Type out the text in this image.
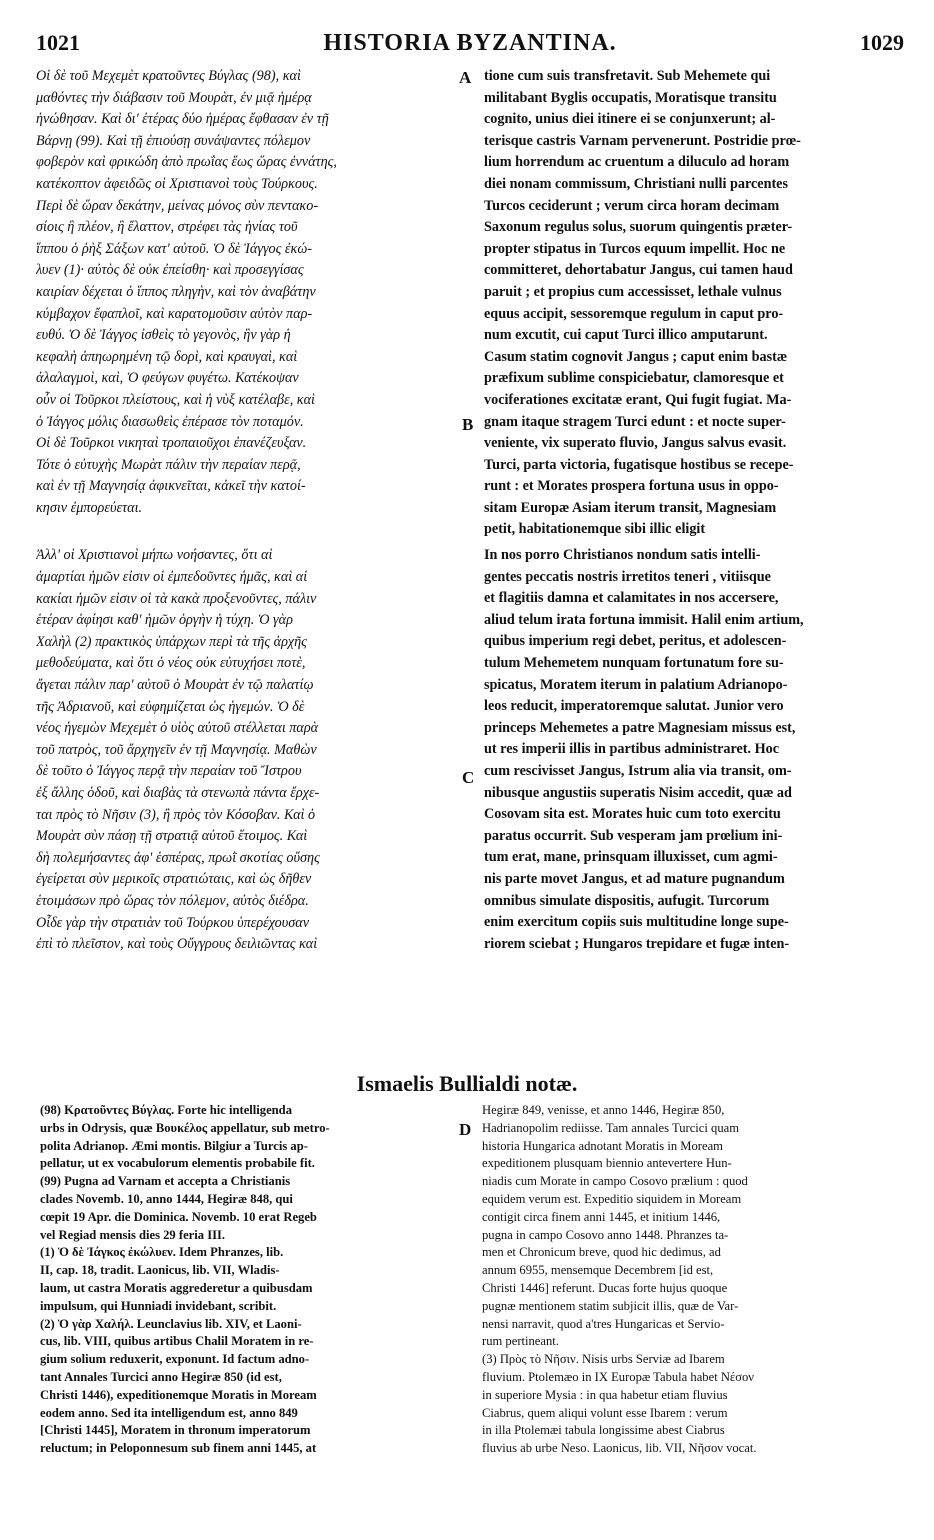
1021	HISTORIA BYZANTINA.	1029
Οἱ δὲ τοῦ Μεχεμὲτ κρατοῦντες Βύγλας (98), καὶ
μαθόντες τὴν διάβασιν τοῦ Μουρὰτ, ἐν μιᾷ ἡμέρᾳ
ἡνώθησαν. Καὶ δι' ἑτέρας δύο ἡμέρας ἔφθασαν ἐν τῇ
Βάρνῃ (99). Καὶ τῇ ἐπιούσῃ συνάψαντες πόλεμον
φοβερὸν καὶ φρικώδη ἀπὸ πρωΐας ἕως ὥρας ἐννάτης,
κατέκοπτον ἀφειδῶς οἱ Χριστιανοὶ τοὺς Τούρκους.
Περὶ δὲ ὥραν δεκάτην, μείνας μόνος σὺν πεντακο-
σίοις ἢ πλέον, ἢ ἔλαττον, στρέφει τὰς ἡνίας τοῦ
ἵππου ὁ ῥὴξ Σάξων κατ' αὐτοῦ. Ὁ δὲ Ἰάγγος ἐκώ-
λυεν (1)· αὐτὸς δὲ οὐκ ἐπείσθη· καὶ προσεγγίσας
καιρίαν δέχεται ὁ ἵππος πληγὴν, καὶ τὸν ἀναβάτην
κύμβαχον ἔφαπλοῖ, καὶ καρατομοῦσιν αὐτὸν παρ-
ευθύ. Ὁ δὲ Ἰάγγος ἰσθεὶς τὸ γεγονὸς, ἣν γὰρ ἡ
κεφαλὴ ἀπηωρημένη τῷ δορὶ, καὶ κραυγαὶ, καὶ
ἀλαλαγμοὶ, καὶ, Ὁ φεύγων φυγέτω. Κατέκοψαν
οὖν οἱ Τοῦρκοι πλείστους, καὶ ἡ νὺξ κατέλαβε, καὶ
ὁ Ἰάγγος μόλις διασωθεὶς ἐπέρασε τὸν ποταμόν.
Οἱ δὲ Τοῦρκοι νικηταὶ τροπαιοῦχοι ἐπανέζευξαν.
Τότε ὁ εὐτυχὴς Μωρὰτ πάλιν τὴν περαίαν περᾷ,
καὶ ἐν τῇ Μαγνησίᾳ ἀφικνεῖται, κἀκεῖ τὴν κατοί-
κησιν ἐμπορεύεται.
Ἀλλ' οἱ Χριστιανοὶ μήπω νοήσαντες, ὅτι αἱ
ἁμαρτίαι ἡμῶν εἰσιν οἱ ἐμπεδοῦντες ἡμᾶς, καὶ αἱ
κακίαι ἡμῶν εἰσιν οἱ τὰ κακὰ προξενοῦντες, πάλιν
ἑτέραν ἀφίησι καθ' ἡμῶν ὀργὴν ἡ τύχη. Ὁ γὰρ
Χαλὴλ (2) πρακτικὸς ὑπάρχων περὶ τὰ τῆς ἀρχῆς
μεθοδεύματα, καὶ ὅτι ὁ νέος οὐκ εὐτυχήσει ποτὲ,
ἄγεται πάλιν παρ' αὐτοῦ ὁ Μουρὰτ ἐν τῷ παλατίῳ
τῆς Ἀδριανοῦ, καὶ εὐφημίζεται ὡς ἡγεμών. Ὁ δὲ
νέος ἡγεμὼν Μεχεμὲτ ὁ υἱὸς αὐτοῦ στέλλεται παρὰ
τοῦ πατρὸς, τοῦ ἄρχηγεῖν ἐν τῇ Μαγνησίᾳ. Μαθὼν
δὲ τοῦτο ὁ Ἰάγγος περᾷ τὴν περαίαν τοῦ Ἴστρου
ἐξ ἄλλης ὁδοῦ, καὶ διαβὰς τὰ στενωπὰ πάντα ἔρχε-
ται πρὸς τὸ Νῆσιν (3), ἢ πρὸς τὸν Κόσοβαν. Καὶ ὁ
Μουρὰτ σὺν πάσῃ τῇ στρατιᾷ αὐτοῦ ἕτοιμος. Καὶ
δὴ πολεμήσαντες ἀφ' ἑσπέρας, πρωῒ σκοτίας οὔσης
ἐγείρεται σὺν μερικοῖς στρατιώταις, καὶ ὡς δῆθεν
ἑτοιμάσων πρὸ ὥρας τὸν πόλεμον, αὐτὸς διέδρα.
Οἶδε γὰρ τὴν στρατιὰν τοῦ Τούρκου ὑπερέχουσαν
ἐπὶ τὸ πλεῖστον, καὶ τοὺς Οὔγγρους δειλιῶντας καὶ
tione cum suis transfretavit. Sub Mehemete qui
militabant Byglis occupatis, Moratisque transitu
cognito, unius diei itinere ei se conjunxerunt; al-
terisque castris Varnam pervenerunt. Postridie prœ-
lium horrendum ac cruentum a diluculo ad horam
diei nonam commissum, Christiani nulli parcentes
Turcos ceciderunt ; verum circa horam decimam
Saxonum regulus solus, suorum quingentis præter-
propter stipatus in Turcos equum impellit. Hoc ne
committeret, dehortabatur Jangus, cui tamen haud
paruit ; et propius cum accessisset, lethale vulnus
equus accipit, sessoremque regulum in caput pro-
num excutit, cui caput Turci illico amputarunt.
Casum statim cognovit Jangus ; caput enim bastæ
præfixum sublime conspiciebatur, clamoresque et
vociferationes excitatæ erant, Qui fugit fugiat. Ma-
gnam itaque stragem Turci edunt : et nocte super-
veniente, vix superato fluvio, Jangus salvus evasit.
Turci, parta victoria, fugatisque hostibus se recepe-
runt : et Morates prospera fortuna usus in oppo-
sitam Europæ Asiam iterum transit, Magnesiam
petit, habitationemque sibi illic eligit
In nos porro Christianos nondum satis intelli-
gentes peccatis nostris irretitos teneri , vitiisque
et flagitiis damna et calamitates in nos accersere,
aliud telum irata fortuna immisit. Halil enim artium,
quibus imperium regi debet, peritus, et adolescen-
tulum Mehemetem nunquam fortunatum fore su-
spicatus, Moratem iterum in palatium Adrianopo-
leos reducit, imperatoremque salutat. Junior vero
princeps Mehemetes a patre Magnesiam missus est,
ut res imperii illis in partibus administraret. Hoc
cum rescivisset Jangus, Istrum alia via transit, om-
nibusque angustiis superatis Nisim accedit, quæ ad
Cosovam sita est. Morates huic cum toto exercitu
paratus occurrit. Sub vesperam jam prœlium ini-
tum erat, mane, prinsquam illuxisset, cum agmi-
nis parte movet Jangus, et ad mature pugnandum
omnibus simulate dispositis, aufugit. Turcorum
enim exercitum copiis suis multitudine longe supe-
riorem sciebat ; Hungaros trepidare et fugæ inten-
A
B
C
D
Ismaelis Bullialdi notæ.
(98) Κρατοῦντες Βύγλας. Forte hic intelligenda
urbs in Odrysis, quæ Βουκέλος appellatur, sub metro-
polita Adrianop. Æmi montis. Bilgiur a Turcis ap-
pellatur, ut ex vocabulorum elementis probabile fit.
(99) Pugna ad Varnam et accepta a Christianis
clades Novemb. 10, anno 1444, Hegiræ 848, qui
cœpit 19 Apr. die Dominica. Novemb. 10 erat Regeb
vel Regiad mensis dies 29 feria III.
(1) Ὁ δὲ Ἰάγκος ἐκώλυεν. Idem Phranzes, lib.
II, cap. 18, tradit. Laonicus, lib. VII, Wladis-
laum, ut castra Moratis aggrederetur a quibusdam
impulsum, qui Hunniadi invidebant, scribit.
(2) Ὁ γὰρ Χαλήλ. Leunclavius lib. XIV, et Laoni-
cus, lib. VIII, quibus artibus Chalil Moratem in re-
gium solium reduxerit, exponunt. Id factum adno-
tant Annales Turcici anno Hegiræ 850 (id est,
Christi 1446), expeditionemque Moratis in Moream
eodem anno. Sed ita intelligendum est, anno 849
[Christi 1445], Moratem in thronum imperatorum
reluctum; in Peloponnesum sub finem anni 1445, at
Hegiræ 849, venisse, et anno 1446, Hegiræ 850,
Hadrianopolim rediisse. Tam annales Turcici quam
historia Hungarica adnotant Moratis in Moream
expeditionem plusquam biennio antevertere Hun-
niadis cum Morate in campo Cosovo prælium : quod
equidem verum est. Expeditio siquidem in Moream
contigit circa finem anni 1445, et initium 1446,
pugna in campo Cosovo anno 1448. Phranzes ta-
men et Chronicum breve, quod hic dedimus, ad
annum 6955, mensemque Decembrem [id est,
Christi 1446] referunt. Ducas forte hujus quoque
pugnæ mentionem statim subjicit illis, quæ de Var-
nensi narravit, quod a'tres Hungaricas et Servio-
rum pertineant.
(3) Πρὸς τὸ Νῆσιν. Nisis urbs Serviæ ad Ibarem
fluvium. Ptolemæo in IX Europæ Tabula habet Νέσον
in superiore Mysia : in qua habetur etiam fluvius
Ciabrus, quem aliqui volunt esse Ibarem : verum
in illa Ptolemæi tabula longissime abest Ciabrus
fluvius ab urbe Neso. Laonicus, lib. VII, Νῆσον vocat.
